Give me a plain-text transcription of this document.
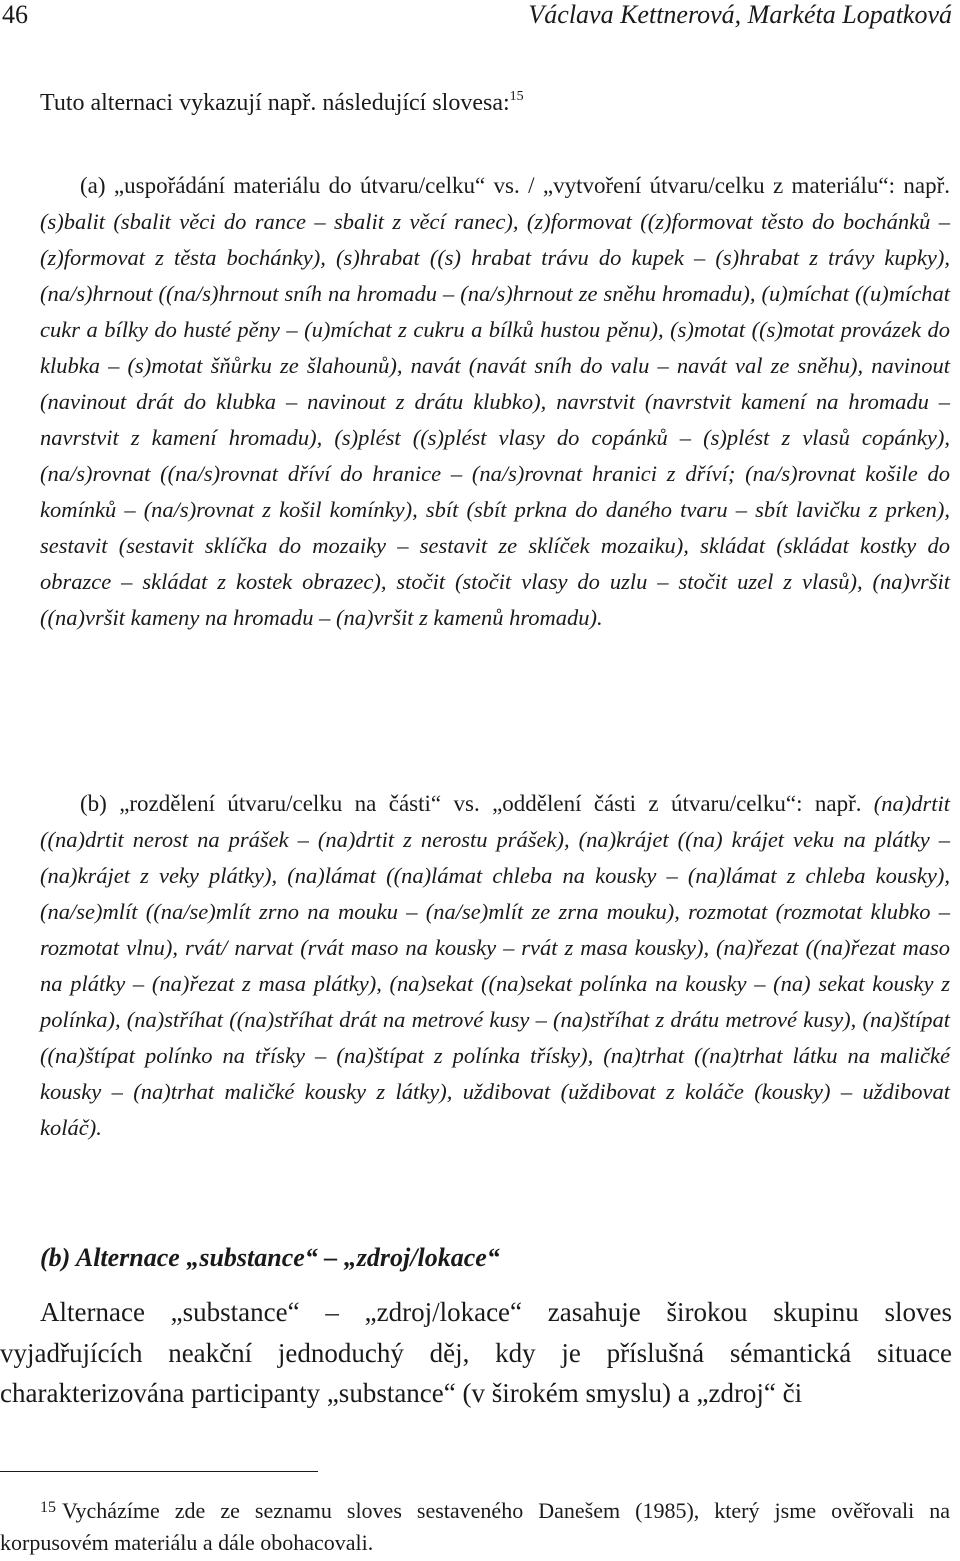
46	Václava Kettnerová, Markéta Lopatková
Tuto alternaci vykazují např. následující slovesa:$^{15}$
(a) „uspořádání materiálu do útvaru/celku“ vs. / „vytvoření útvaru/celku z materiálu“: např. (s)balit (sbalit věci do rance – sbalit z věcí ranec), (z)formovat ((z)formovat těsto do bochánků – (z)formovat z těsta bochánky), (s)hrabat ((s) hrabat trávu do kupek – (s)hrabat z trávy kupky), (na/s)hrnout ((na/s)hrnout sníh na hromadu – (na/s)hrnout ze sněhu hromadu), (u)míchat ((u)míchat cukr a bílky do husté pěny – (u)míchat z cukru a bílků hustou pěnu), (s)motat ((s)motat provázek do klubka – (s)motat šňůrku ze šlahounů), navát (navát sníh do valu – navát val ze sněhu), navinout (navinout drát do klubka – navinout z drátu klubko), navrstvit (navrstvit kamení na hromadu – navrstvit z kamení hromadu), (s)plést ((s)plést vlasy do copánků – (s)plést z vlasů copánky), (na/s)rovnat ((na/s)rovnat dříví do hranice – (na/s)rovnat hranici z dříví; (na/s)rovnat košile do komínků – (na/s)rovnat z košil komínky), sbít (sbít prkna do daného tvaru – sbít lavičku z prken), sestavit (sestavit sklíčka do mozaiky – sestavit ze sklíček mozaiku), skládat (skládat kostky do obrazce – skládat z kostek obrazec), stočit (stočit vlasy do uzlu – stočit uzel z vlasů), (na)vršit ((na)vršit kameny na hromadu – (na)vršit z kamenů hromadu).
(b) „rozdělení útvaru/celku na části“ vs. „oddělení části z útvaru/celku“: např. (na)drtit ((na)drtit nerost na prášek – (na)drtit z nerostu prášek), (na)krájet ((na) krájet veku na plátky – (na)krájet z veky plátky), (na)lámat ((na)lámat chleba na kousky – (na)lámat z chleba kousky), (na/se)mlít ((na/se)mlít zrno na mouku – (na/se)mlít ze zrna mouku), rozmotat (rozmotat klubko – rozmotat vlnu), rvát/ narvat (rvát maso na kousky – rvát z masa kousky), (na)řezat ((na)řezat maso na plátky – (na)řezat z masa plátky), (na)sekat ((na)sekat polínka na kousky – (na) sekat kousky z polínka), (na)stříhat ((na)stříhat drát na metrové kusy – (na)stříhat z drátu metrové kusy), (na)štípat ((na)štípat polínko na třísky – (na)štípat z polínka třísky), (na)trhat ((na)trhat látku na maličké kousky – (na)trhat maličké kousky z látky), uždibovat (uždibovat z koláče (kousky) – uždibovat koláč).
(b) Alternace „substance“ – „zdroj/lokace“
Alternace „substance“ – „zdroj/lokace“ zasahuje širokou skupinu sloves vyjadřujících neakční jednoduchý děj, kdy je příslušná sémantická situace charakterizována participanty „substance“ (v širokém smyslu) a „zdroj“ či
$^{15}$ Vycházíme zde ze seznamu sloves sestaveného Danešem (1985), který jsme ověřovali na korpusovém materiálu a dále obohacovali.
